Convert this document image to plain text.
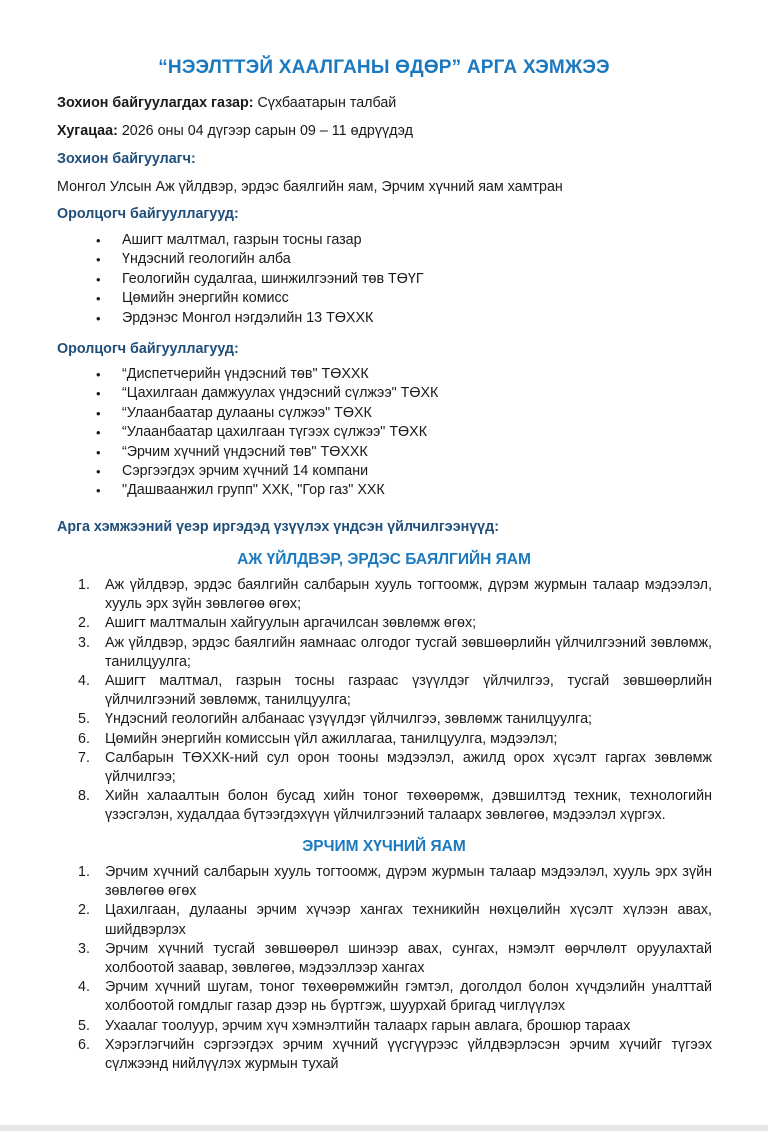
“НЭЭЛТТЭЙ ХААЛГАНЫ ӨДӨР” АРГА ХЭМЖЭЭ
Зохион байгуулагдах газар: Сүхбаатарын талбай
Хугацаа: 2026 оны 04 дүгээр сарын 09 – 11 өдрүүдэд
Зохион байгуулагч:
Монгол Улсын Аж үйлдвэр, эрдэс баялгийн яам, Эрчим хүчний яам хамтран
Оролцогч байгууллагууд:
• Ашигт малтмал, газрын тосны газар
• Үндэсний геологийн алба
• Геологийн судалгаа, шинжилгээний төв ТӨҮГ
• Цөмийн энергийн комисс
• Эрдэнэс Монгол нэгдэлийн 13 ТӨХХК
Оролцогч байгууллагууд:
• “Диспетчерийн үндэсний төв" ТӨХХК
• “Цахилгаан дамжуулах үндэсний сүлжээ" ТӨХК
• “Улаанбаатар дулааны сүлжээ" ТӨХК
• “Улаанбаатар цахилгаан түгээх сүлжээ" ТӨХК
• “Эрчим хүчний үндэсний төв" ТӨХХК
• Сэргээгдэх эрчим хүчний 14 компани
• "Дашваанжил групп" ХХК, "Гор газ" ХХК
Арга хэмжээний үеэр иргэдэд үзүүлэх үндсэн үйлчилгээнүүд:
АЖ ҮЙЛДВЭР, ЭРДЭС БАЯЛГИЙН ЯАМ
1. Аж үйлдвэр, эрдэс баялгийн салбарын хууль тогтоомж, дүрэм журмын талаар мэдээлэл, хууль эрх зүйн зөвлөгөө өгөх;
2. Ашигт малтмалын хайгуулын аргачилсан зөвлөмж өгөх;
3. Аж үйлдвэр, эрдэс баялгийн яамнаас олгодог тусгай зөвшөөрлийн үйлчилгээний зөвлөмж, танилцуулга;
4. Ашигт малтмал, газрын тосны газраас үзүүлдэг үйлчилгээ, тусгай зөвшөөрлийн үйлчилгээний зөвлөмж, танилцуулга;
5. Үндэсний геологийн албанаас үзүүлдэг үйлчилгээ, зөвлөмж танилцуулга;
6. Цөмийн энергийн комиссын үйл ажиллагаа, танилцуулга, мэдээлэл;
7. Салбарын ТӨХХК-ний сул орон тооны мэдээлэл, ажилд орох хүсэлт гаргах зөвлөмж үйлчилгээ;
8. Хийн халаалтын болон бусад хийн тоног төхөөрөмж, дэвшилтэд техник, технологийн үзэсгэлэн, худалдаа бүтээгдэхүүн үйлчилгээний талаарх зөвлөгөө, мэдээлэл хүргэх.
ЭРЧИМ ХҮЧНИЙ ЯАМ
1. Эрчим хүчний салбарын хууль тогтоомж, дүрэм журмын талаар мэдээлэл, хууль эрх зүйн зөвлөгөө өгөх
2. Цахилгаан, дулааны эрчим хүчээр хангах техникийн нөхцөлийн хүсэлт хүлээн авах, шийдвэрлэх
3. Эрчим хүчний тусгай зөвшөөрөл шинээр авах, сунгах, нэмэлт өөрчлөлт оруулахтай холбоотой заавар, зөвлөгөө, мэдээллээр хангах
4. Эрчим хүчний шугам, тоног төхөөрөмжийн гэмтэл, доголдол болон хүчдэлийн уналттай холбоотой гомдлыг газар дээр нь бүртгэж, шуурхай бригад чиглүүлэх
5. Ухаалаг тоолуур, эрчим хүч хэмнэлтийн талаарх гарын авлага, брошюр тараах
6. Хэрэглэгчийн сэргээгдэх эрчим хүчний үүсгүүрээс үйлдвэрлэсэн эрчим хүчийг түгээх сүлжээнд нийлүүлэх журмын тухай
